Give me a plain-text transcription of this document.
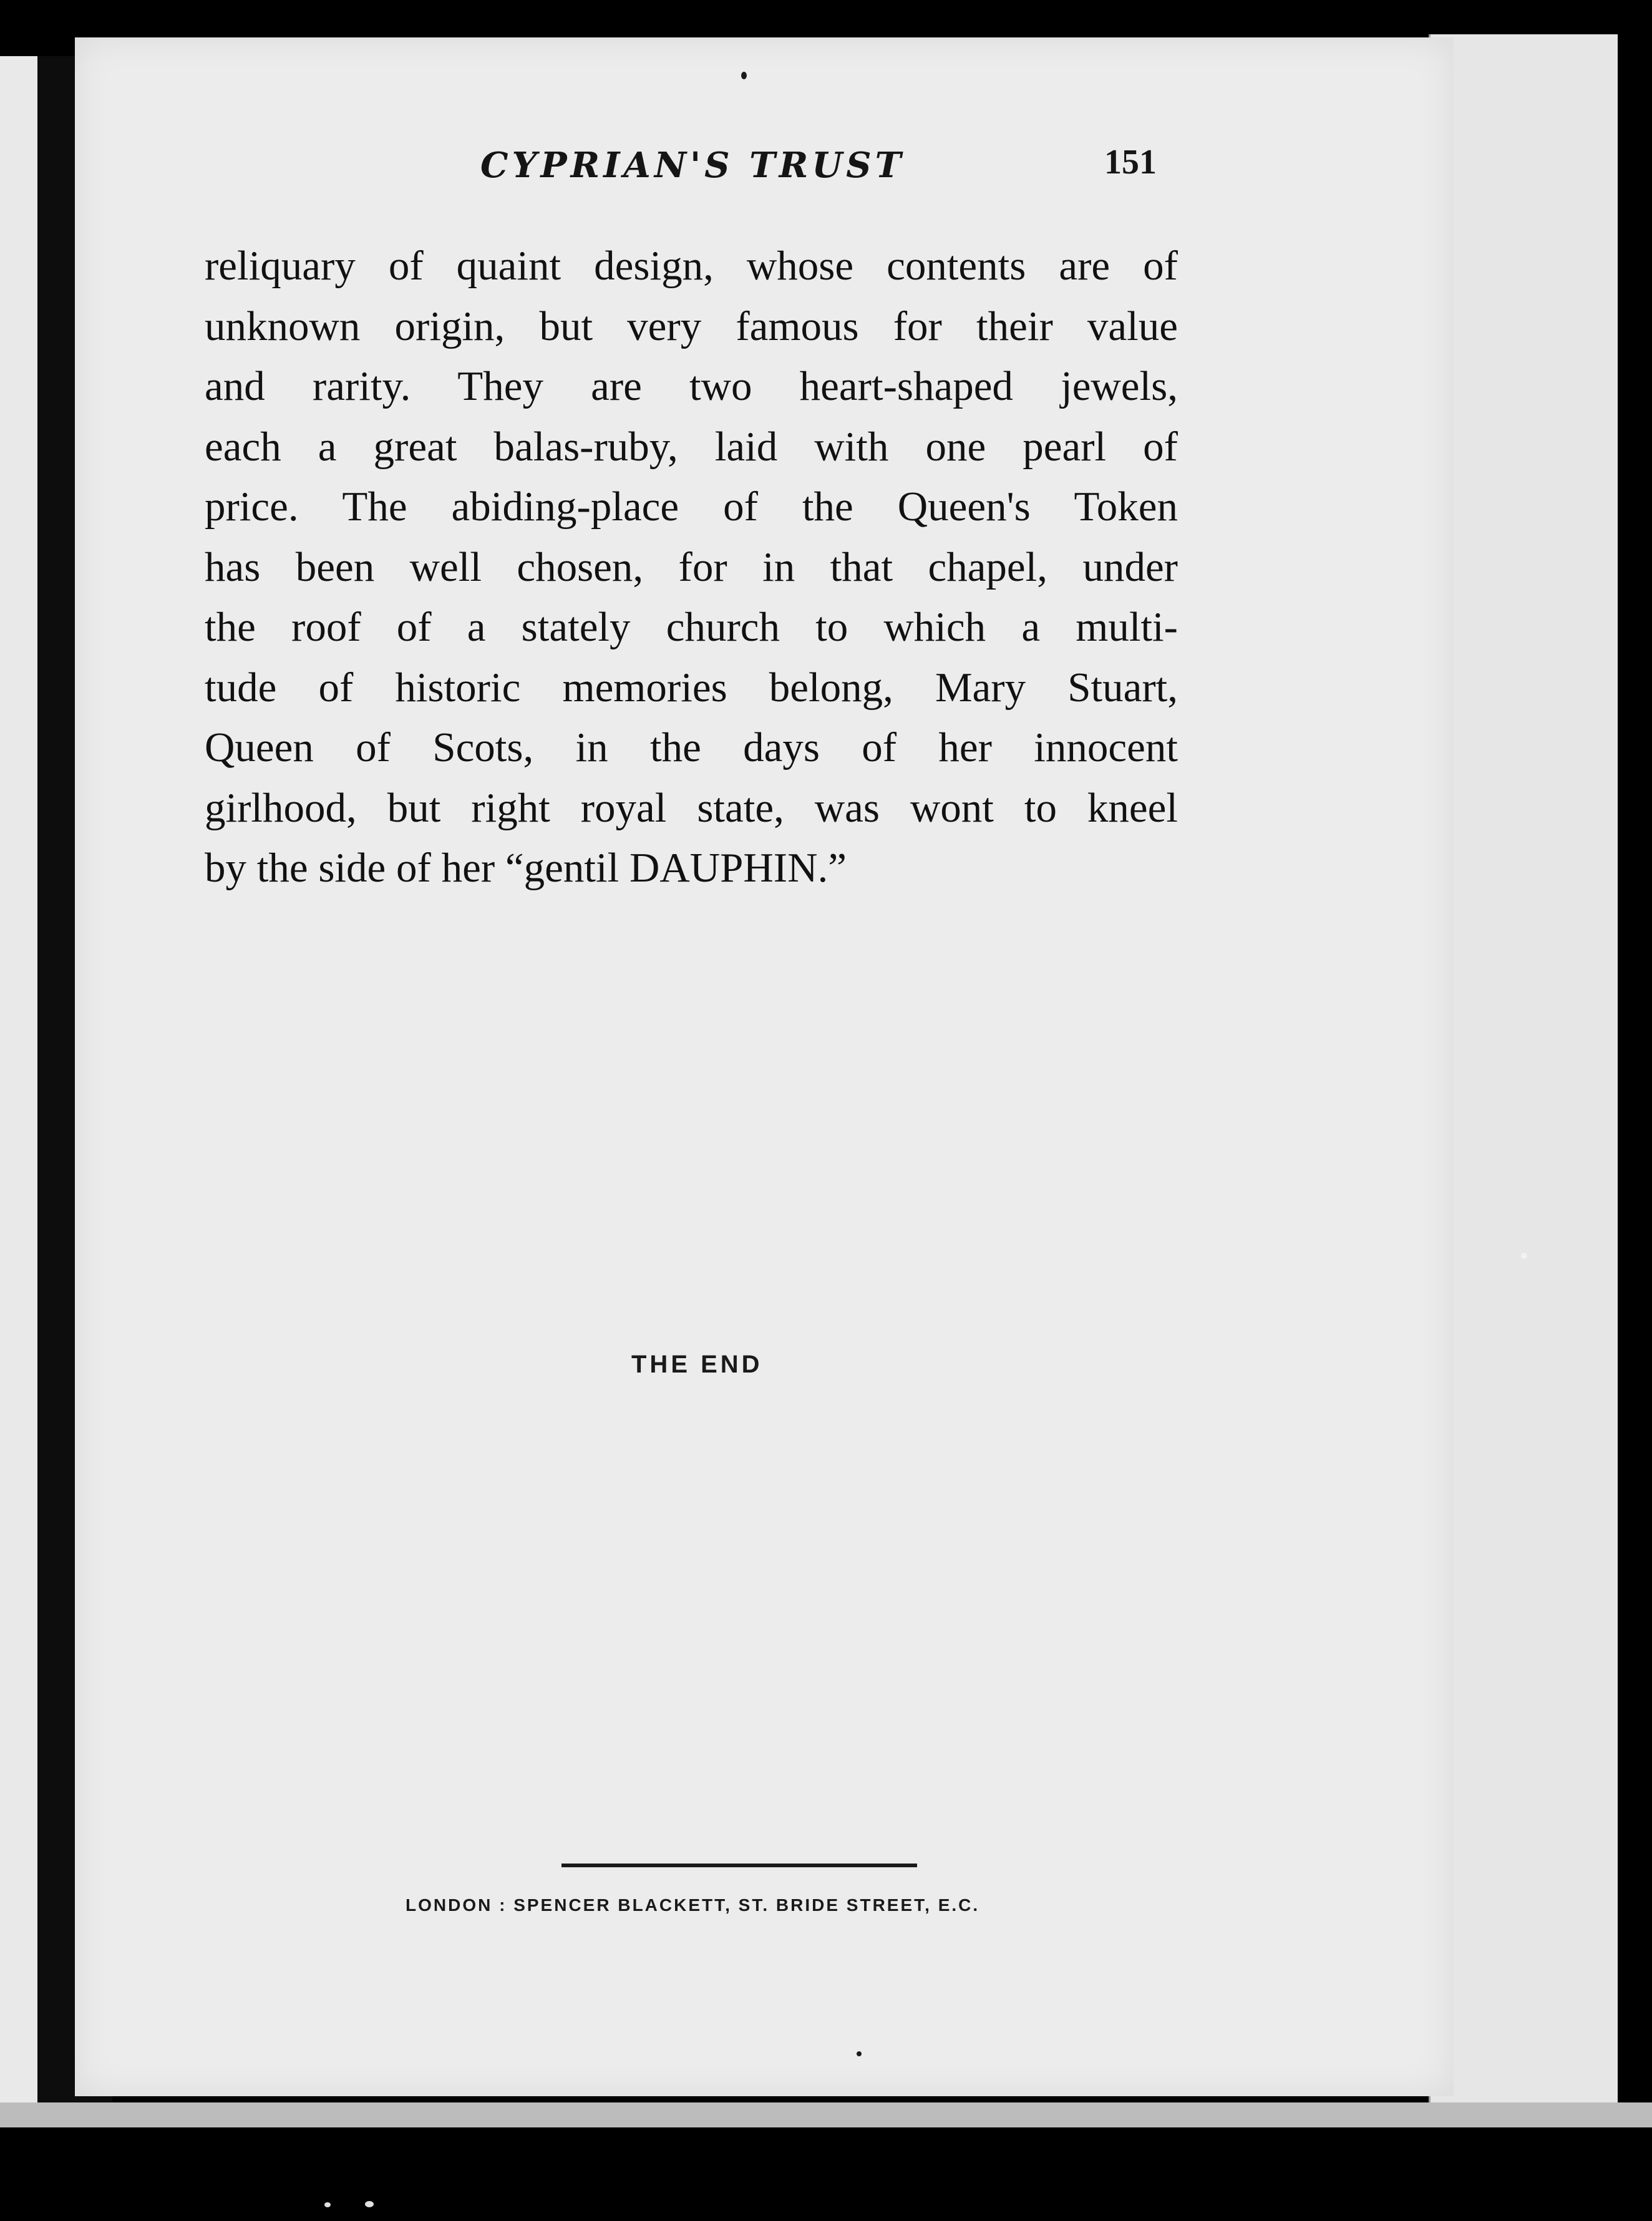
CYPRIAN'S TRUST	151

reliquary of quaint design, whose contents are of
unknown origin, but very famous for their value
and rarity. They are two heart-shaped jewels,
each a great balas-ruby, laid with one pearl of
price. The abiding-place of the Queen's Token
has been well chosen, for in that chapel, under
the roof of a stately church to which a multi-
tude of historic memories belong, Mary Stuart,
Queen of Scots, in the days of her innocent
girlhood, but right royal state, was wont to kneel
by the side of her “gentil DAUPHIN.”

THE END
LONDON : SPENCER BLACKETT, ST. BRIDE STREET, E.C.
